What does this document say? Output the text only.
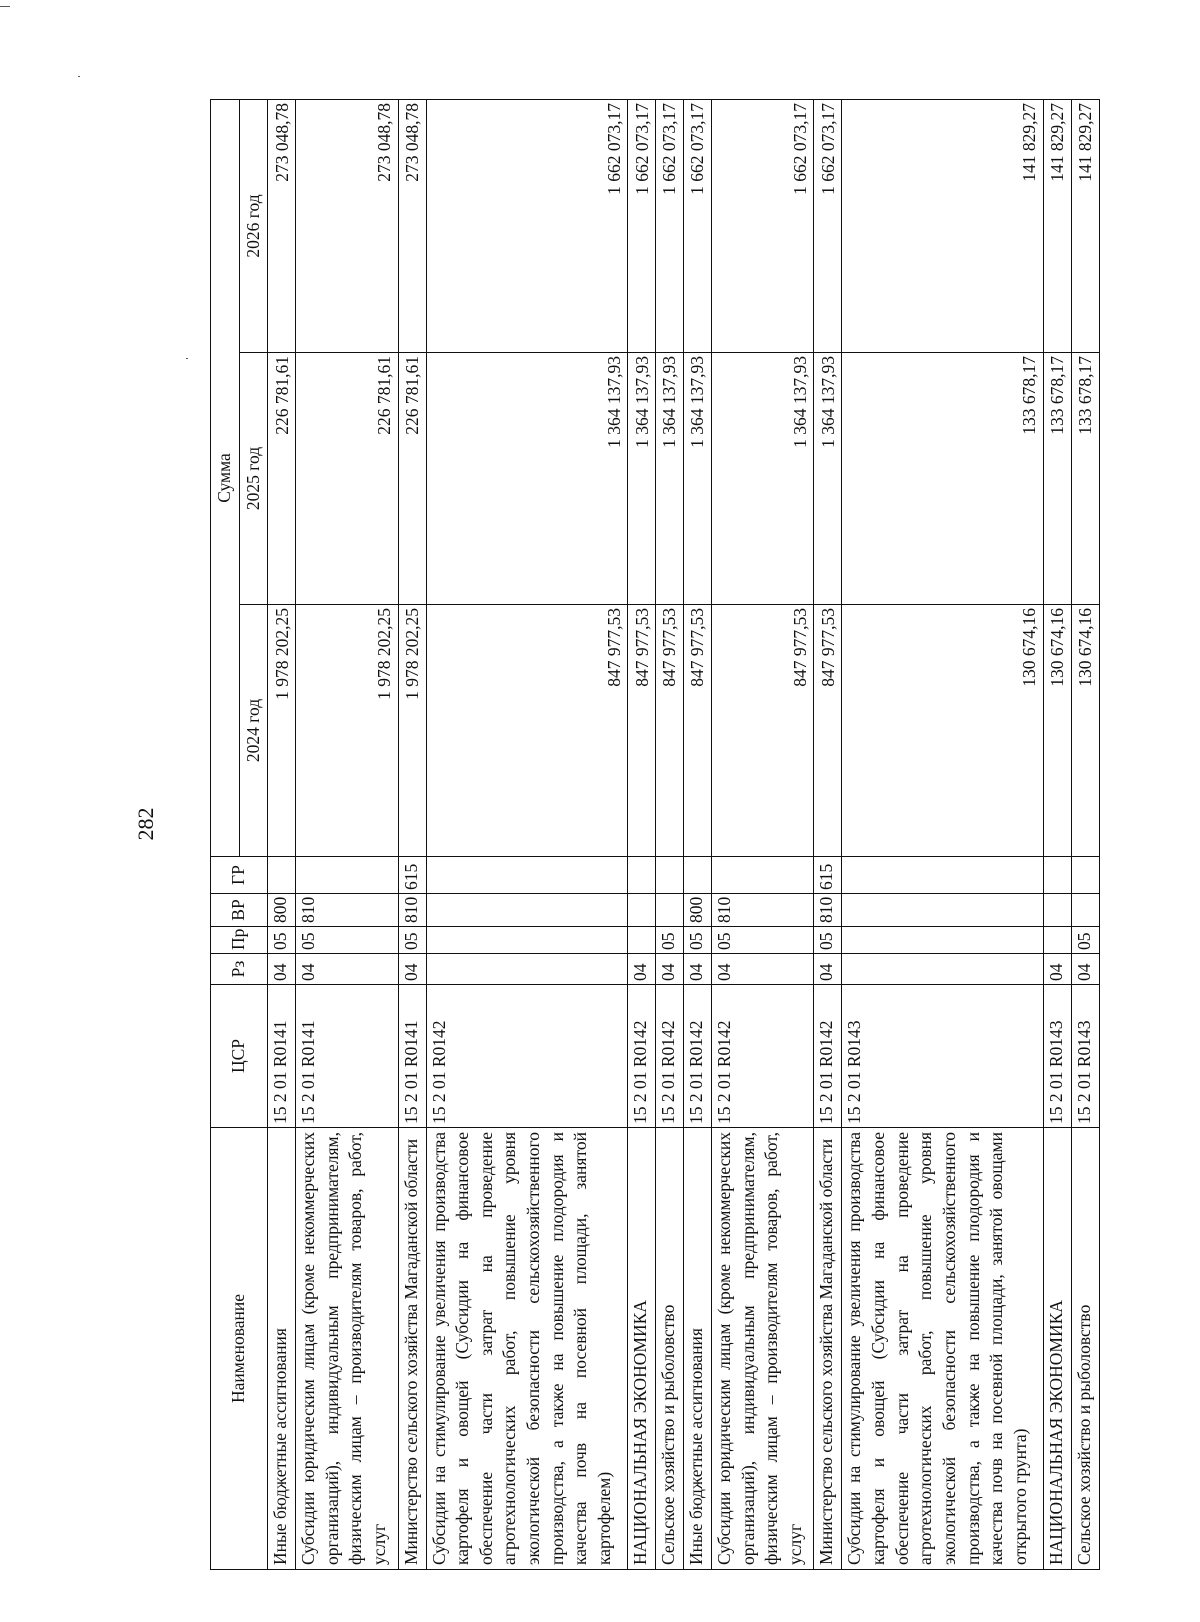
282
Наименование	ЦСР	Рз	Пр	ВР	ГР	Сумма		
						2024 год	2025 год	2026 год
Иные бюджетные ассигнования	15 2 01 R0141	04	05	800		1 978 202,25	226 781,61	273 048,78
Субсидии юридическим лицам (кроме некоммерческих организаций), индивидуальным предпринимателям, физическим лицам – производителям товаров, работ, услуг	15 2 01 R0141	04	05	810		1 978 202,25	226 781,61	273 048,78
Министерство сельского хозяйства Магаданской области	15 2 01 R0141	04	05	810	615	1 978 202,25	226 781,61	273 048,78
Субсидии на стимулирование увеличения производства картофеля и овощей (Субсидии на финансовое обеспечение части затрат на проведение агротехнологических работ, повышение уровня экологической безопасности сельскохозяйственного производства, а также на повышение плодородия и качества почв на посевной площади, занятой картофелем)	15 2 01 R0142					847 977,53	1 364 137,93	1 662 073,17
НАЦИОНАЛЬНАЯ ЭКОНОМИКА	15 2 01 R0142	04				847 977,53	1 364 137,93	1 662 073,17
Сельское хозяйство и рыболовство	15 2 01 R0142	04	05			847 977,53	1 364 137,93	1 662 073,17
Иные бюджетные ассигнования	15 2 01 R0142	04	05	800		847 977,53	1 364 137,93	1 662 073,17
Субсидии юридическим лицам (кроме некоммерческих организаций), индивидуальным предпринимателям, физическим лицам – производителям товаров, работ, услуг	15 2 01 R0142	04	05	810		847 977,53	1 364 137,93	1 662 073,17
Министерство сельского хозяйства Магаданской области	15 2 01 R0142	04	05	810	615	847 977,53	1 364 137,93	1 662 073,17
Субсидии на стимулирование увеличения производства картофеля и овощей (Субсидии на финансовое обеспечение части затрат на проведение агротехнологических работ, повышение уровня экологической безопасности сельскохозяйственного производства, а также на повышение плодородия и качества почв на посевной площади, занятой овощами открытого грунта)	15 2 01 R0143					130 674,16	133 678,17	141 829,27
НАЦИОНАЛЬНАЯ ЭКОНОМИКА	15 2 01 R0143	04				130 674,16	133 678,17	141 829,27
Сельское хозяйство и рыболовство	15 2 01 R0143	04	05			130 674,16	133 678,17	141 829,27
